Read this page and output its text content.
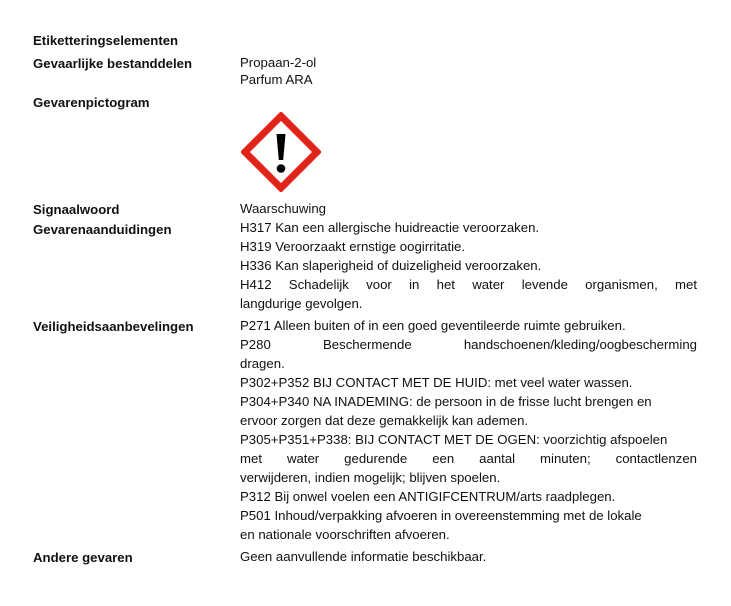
Etiketteringselementen
Gevaarlijke bestanddelen	Propaan-2-ol
Parfum ARA
Gevarenpictogram
Signaalwoord	Waarschuwing
Gevarenaanduidingen	H317 Kan een allergische huidreactie veroorzaken.
H319 Veroorzaakt ernstige oogirritatie.
H336 Kan slaperigheid of duizeligheid veroorzaken.
H412 Schadelijk voor in het water levende organismen, met
langdurige gevolgen.
Veiligheidsaanbevelingen	P271 Alleen buiten of in een goed geventileerde ruimte gebruiken.
P280 Beschermende handschoenen/kleding/oogbescherming
dragen.
P302+P352 BIJ CONTACT MET DE HUID: met veel water wassen.
P304+P340 NA INADEMING: de persoon in de frisse lucht brengen en
ervoor zorgen dat deze gemakkelijk kan ademen.
P305+P351+P338: BIJ CONTACT MET DE OGEN: voorzichtig afspoelen
met water gedurende een aantal minuten; contactlenzen
verwijderen, indien mogelijk; blijven spoelen.
P312 Bij onwel voelen een ANTIGIFCENTRUM/arts raadplegen.
P501 Inhoud/verpakking afvoeren in overeenstemming met de lokale
en nationale voorschriften afvoeren.
Andere gevaren	Geen aanvullende informatie beschikbaar.
